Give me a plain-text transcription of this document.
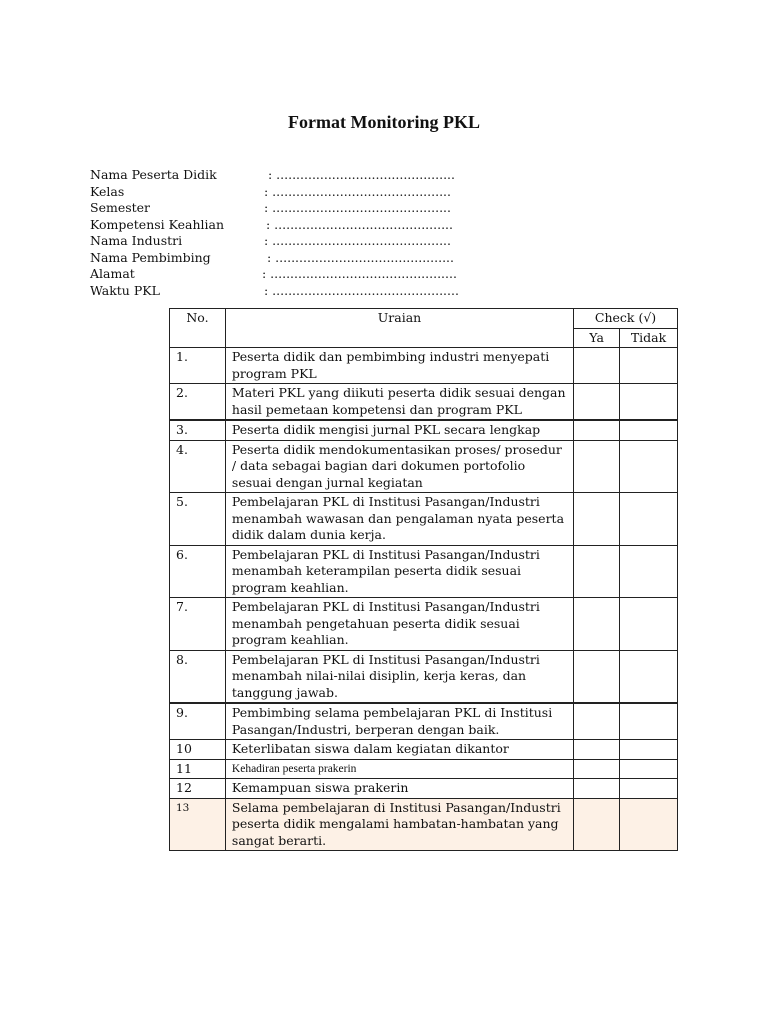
Format Monitoring PKL
Nama Peserta Didik	: .............................................
Kelas	: .............................................
Semester	: .............................................
Kompetensi Keahlian	: .............................................
Nama Industri	: .............................................
Nama Pembimbing	: .............................................
Alamat	: ...............................................
Waktu PKL	: ...............................................
No.	Uraian	Check (√)	
		Ya	Tidak
1.	Peserta didik dan pembimbing industri menyepati program PKL		
2.	Materi PKL yang diikuti peserta didik sesuai dengan hasil pemetaan kompetensi dan program PKL		
3.	Peserta didik mengisi jurnal PKL secara lengkap		
4.	Peserta didik mendokumentasikan proses/ prosedur / data sebagai bagian dari dokumen portofolio sesuai dengan jurnal kegiatan		
5.	Pembelajaran PKL di Institusi Pasangan/Industri menambah wawasan dan pengalaman nyata peserta didik dalam dunia kerja.		
6.	Pembelajaran PKL di Institusi Pasangan/Industri menambah keterampilan peserta didik sesuai program keahlian.		
7.	Pembelajaran PKL di Institusi Pasangan/Industri menambah pengetahuan peserta didik sesuai program keahlian.		
8.	Pembelajaran PKL di Institusi Pasangan/Industri menambah nilai-nilai disiplin, kerja keras, dan tanggung jawab.		
9.	Pembimbing selama pembelajaran PKL di Institusi Pasangan/Industri, berperan dengan baik.		
10	Keterlibatan siswa dalam kegiatan dikantor		
11	Kehadiran peserta prakerin		
12	Kemampuan siswa prakerin		
13	Selama pembelajaran di Institusi Pasangan/Industri peserta didik mengalami hambatan-hambatan yang sangat berarti.		
